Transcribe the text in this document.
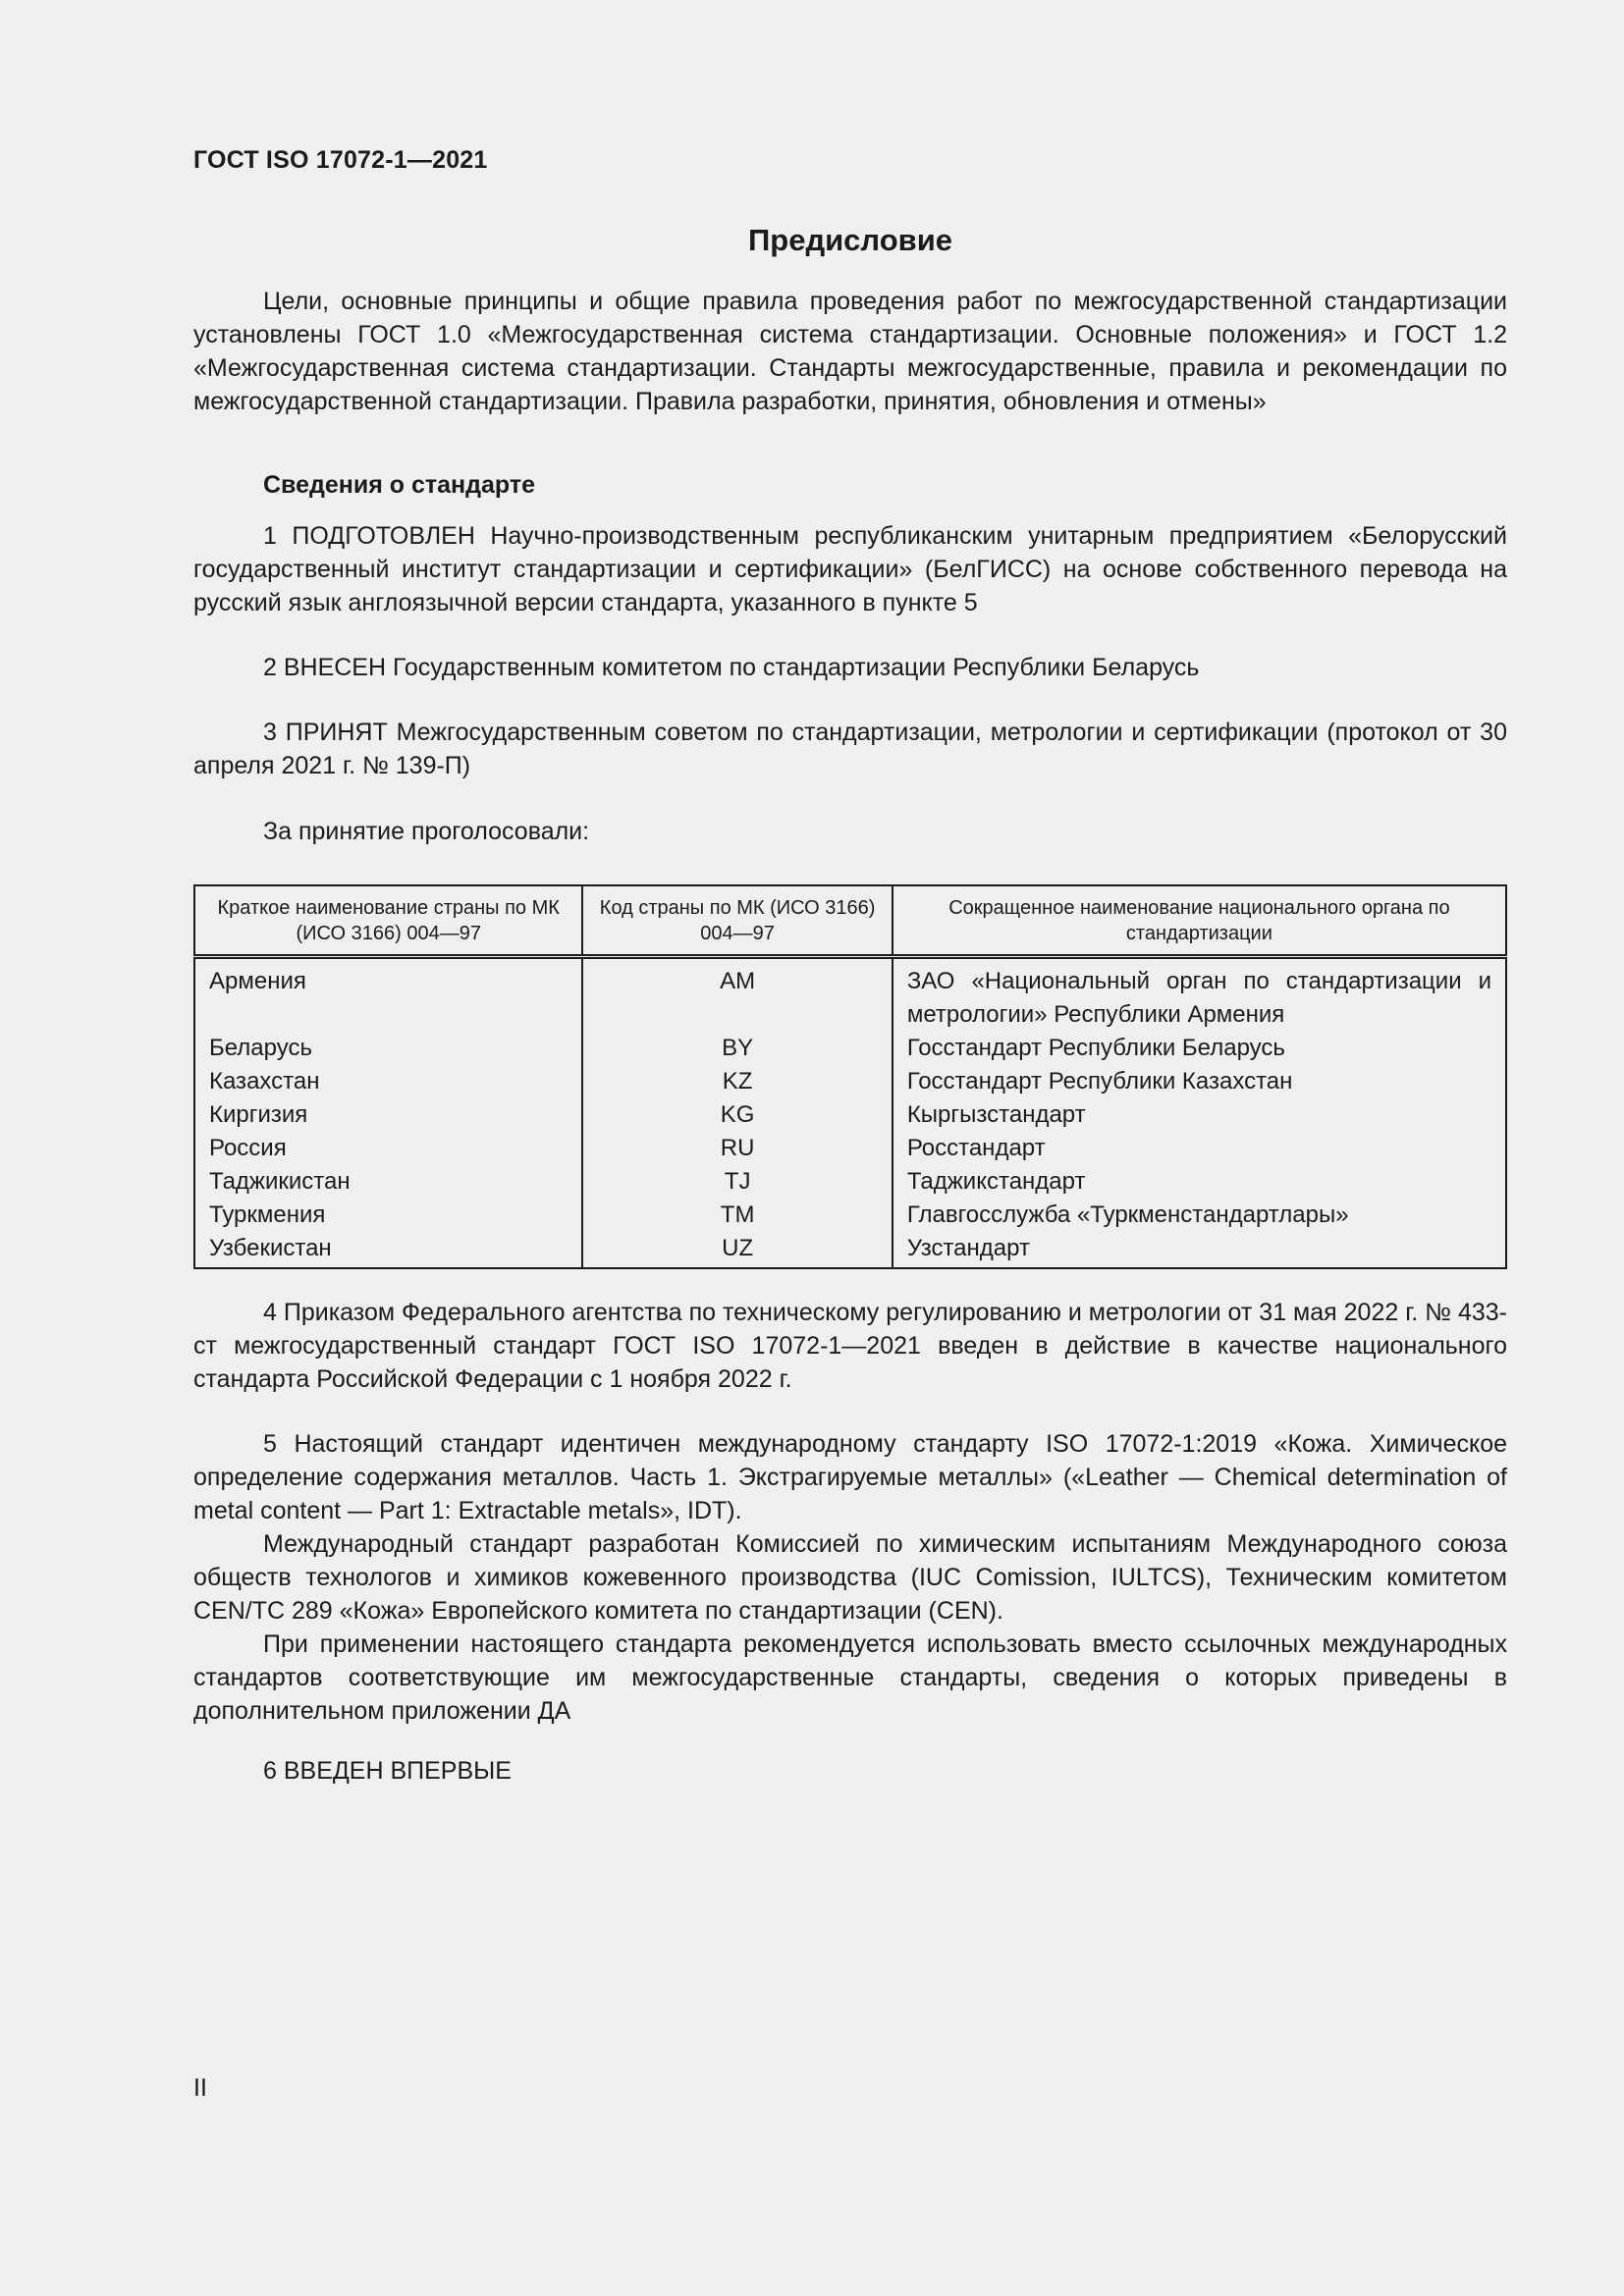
ГОСТ ISO 17072-1—2021
Предисловие

Цели, основные принципы и общие правила проведения работ по межгосударственной стандартизации установлены ГОСТ 1.0 «Межгосударственная система стандартизации. Основные положения» и ГОСТ 1.2 «Межгосударственная система стандартизации. Стандарты межгосударственные, правила и рекомендации по межгосударственной стандартизации. Правила разработки, принятия, обновления и отмены»

Сведения о стандарте

1 ПОДГОТОВЛЕН Научно-производственным республиканским унитарным предприятием «Белорусский государственный институт стандартизации и сертификации» (БелГИСС) на основе собственного перевода на русский язык англоязычной версии стандарта, указанного в пункте 5

2 ВНЕСЕН Государственным комитетом по стандартизации Республики Беларусь

3 ПРИНЯТ Межгосударственным советом по стандартизации, метрологии и сертификации (протокол от 30 апреля 2021 г. № 139-П)

За принятие проголосовали:

Краткое наименование страны по МК (ИСО 3166) 004—97	Код страны по МК (ИСО 3166) 004—97	Сокращенное наименование национального органа по стандартизации
Армения	AM	ЗАО «Национальный орган по стандартизации и метрологии» Республики Армения
Беларусь	BY	Госстандарт Республики Беларусь
Казахстан	KZ	Госстандарт Республики Казахстан
Киргизия	KG	Кыргызстандарт
Россия	RU	Росстандарт
Таджикистан	TJ	Таджикстандарт
Туркмения	TM	Главгосслужба «Туркменстандартлары»
Узбекистан	UZ	Узстандарт

4 Приказом Федерального агентства по техническому регулированию и метрологии от 31 мая 2022 г. № 433-ст межгосударственный стандарт ГОСТ ISO 17072-1—2021 введен в действие в качестве национального стандарта Российской Федерации с 1 ноября 2022 г.

5 Настоящий стандарт идентичен международному стандарту ISO 17072-1:2019 «Кожа. Химическое определение содержания металлов. Часть 1. Экстрагируемые металлы» («Leather — Chemical determination of metal content — Part 1: Extractable metals», IDT).

Международный стандарт разработан Комиссией по химическим испытаниям Международного союза обществ технологов и химиков кожевенного производства (IUC Comission, IULTCS), Техническим комитетом CEN/TC 289 «Кожа» Европейского комитета по стандартизации (CEN).

При применении настоящего стандарта рекомендуется использовать вместо ссылочных международных стандартов соответствующие им межгосударственные стандарты, сведения о которых приведены в дополнительном приложении ДА

6 ВВЕДЕН ВПЕРВЫЕ

II
